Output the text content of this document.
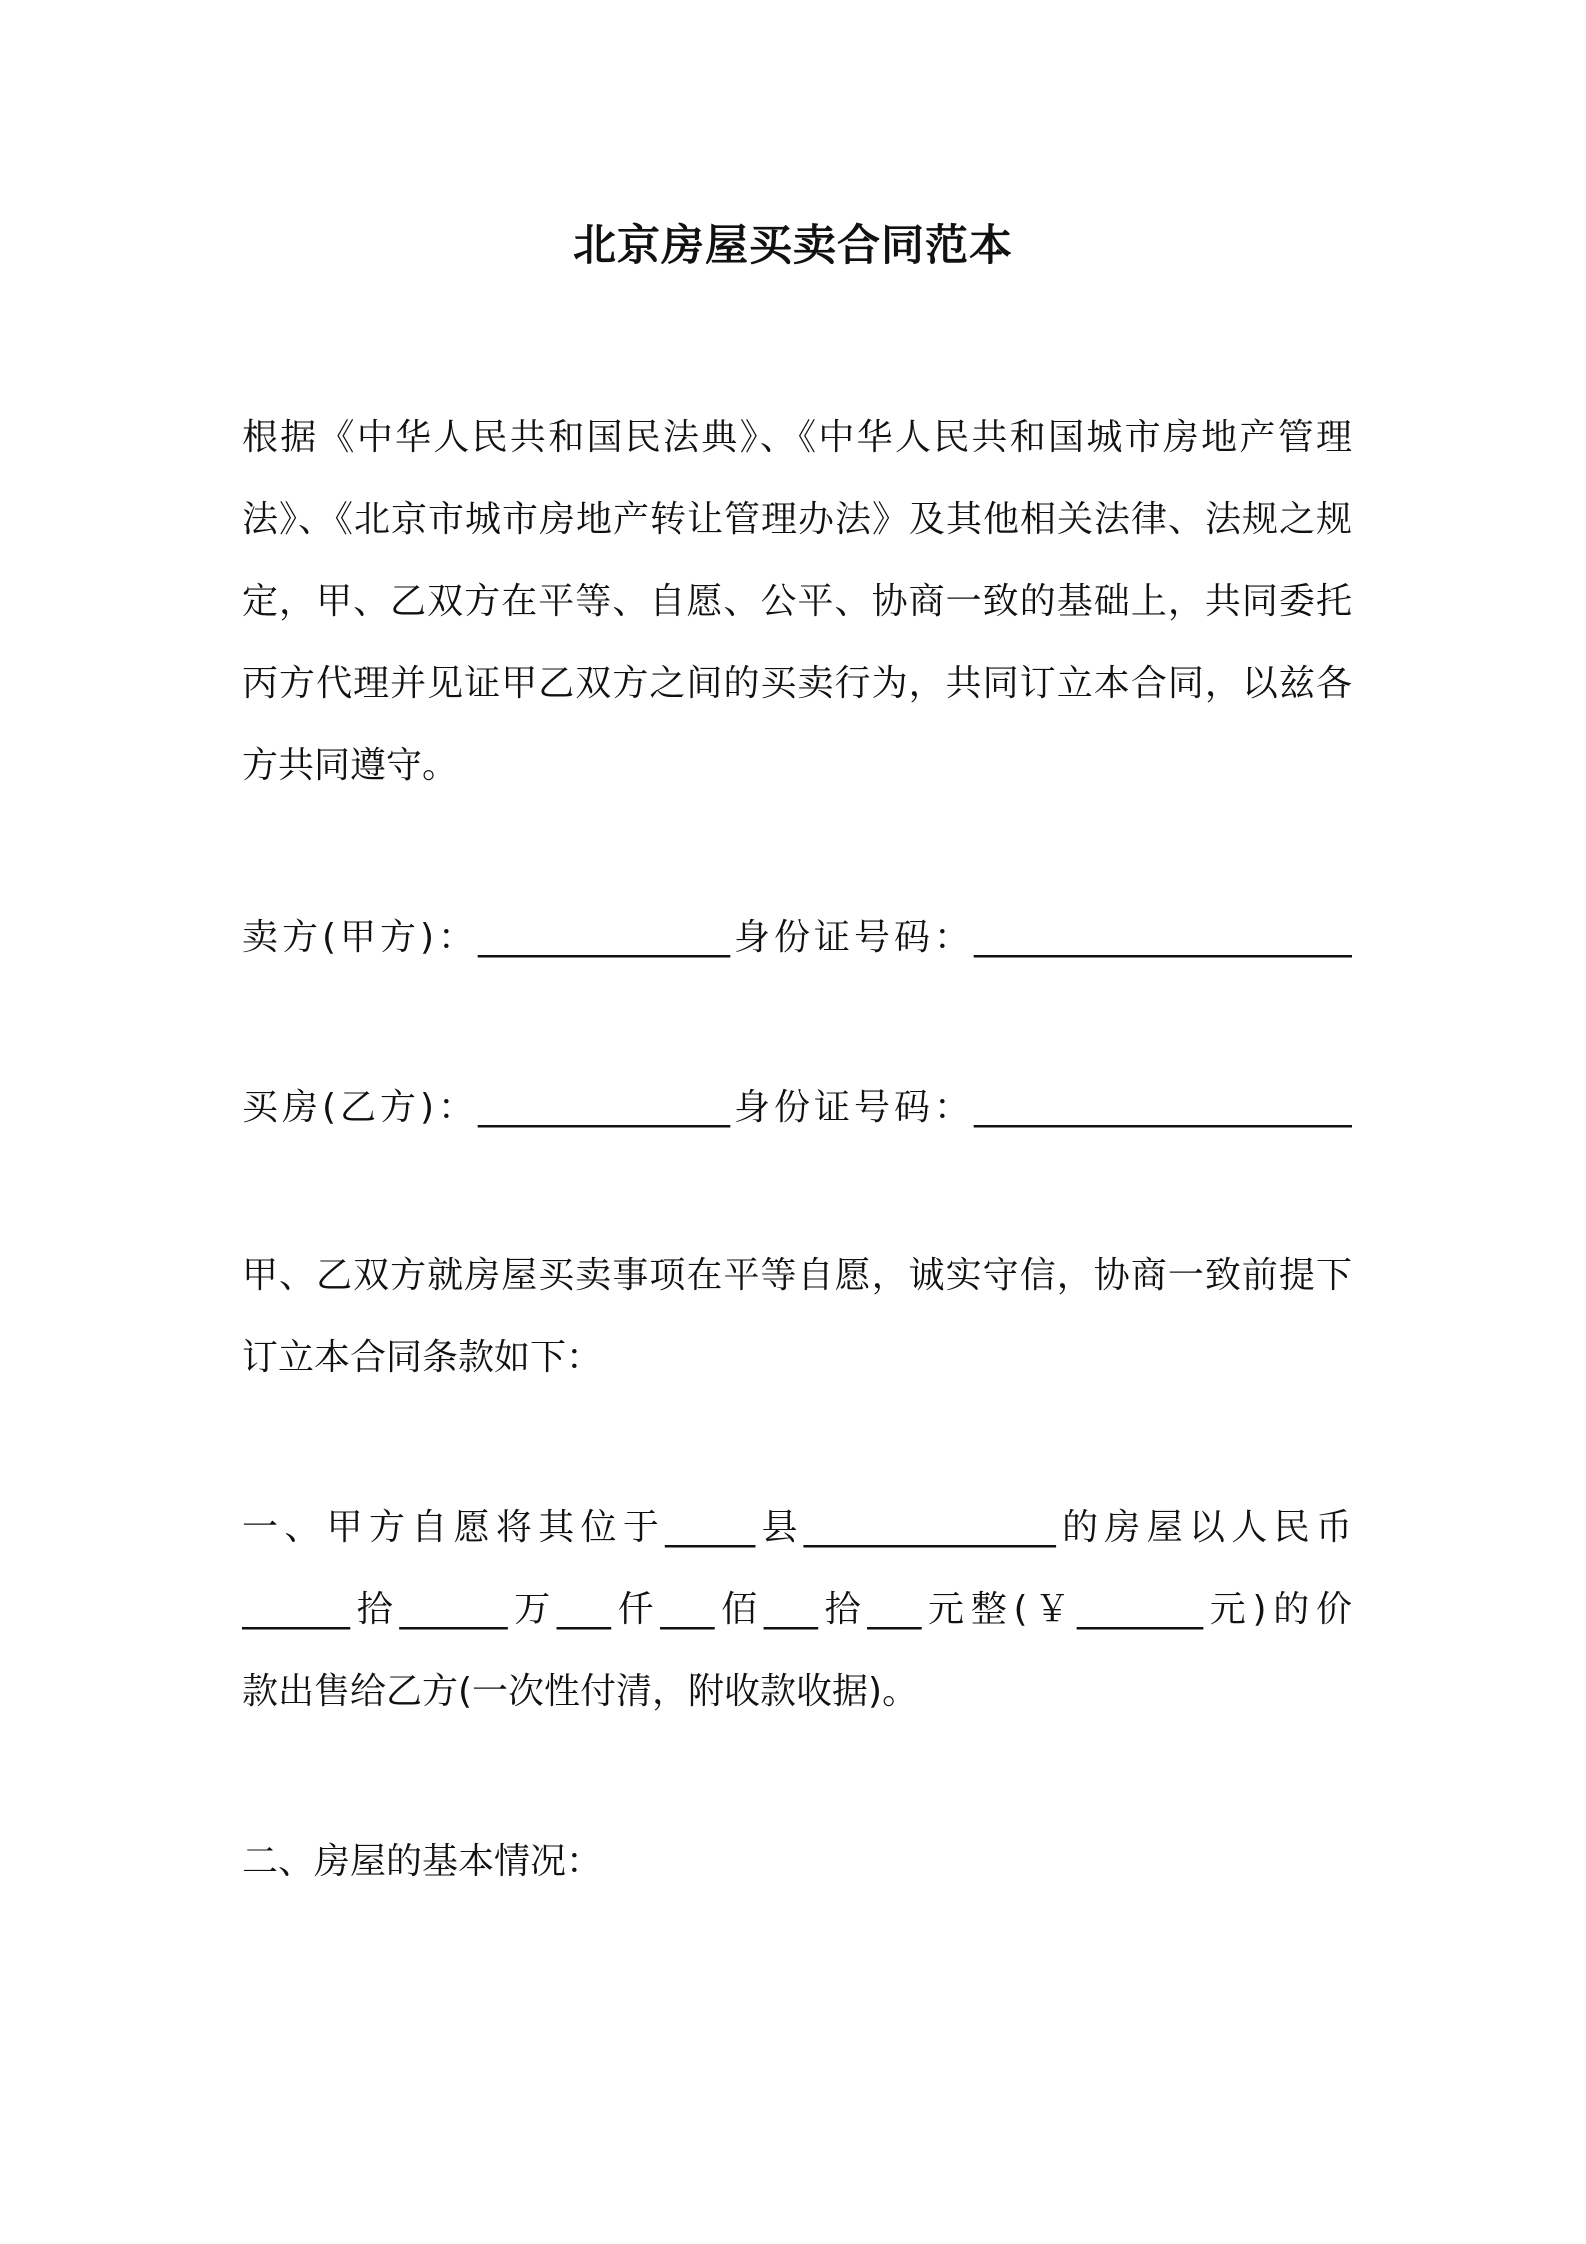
北京房屋买卖合同范本
根据《中华人民共和国民法典》、《中华人民共和国城市房地产管理
法》、《北京市城市房地产转让管理办法》及其他相关法律、法规之规
定，甲、乙双方在平等、自愿、公平、协商一致的基础上，共同委托
丙方代理并见证甲乙双方之间的买卖行为，共同订立本合同，以兹各
方共同遵守。
卖方(甲方)：______________身份证号码：_____________________
买房(乙方)：______________身份证号码：_____________________
甲、乙双方就房屋买卖事项在平等自愿，诚实守信，协商一致前提下
订立本合同条款如下：
一、甲方自愿将其位于_____县______________的房屋以人民币
______拾______万___仟___佰___拾___元整(￥_______元)的价
款出售给乙方(一次性付清，附收款收据)。
二、房屋的基本情况：
